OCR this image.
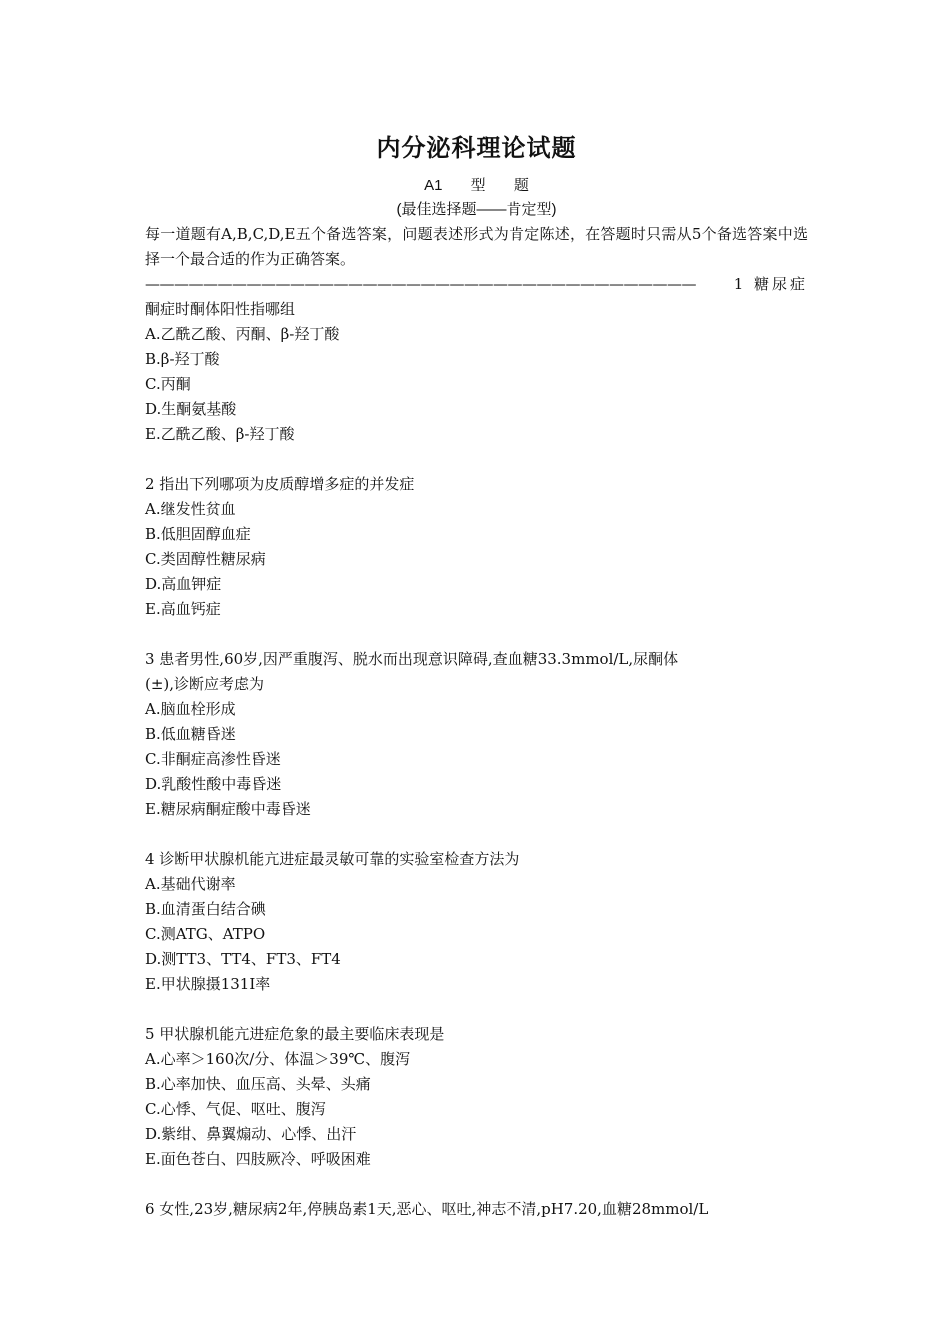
内分泌科理论试题
A1 型 题
(最佳选择题——肯定型)
每一道题有A,B,C,D,E五个备选答案，问题表述形式为肯定陈述，在答题时只需从5个备选答案中选择一个最合适的作为正确答案。
——————————————————————————————————————	1 糖尿症
酮症时酮体阳性指哪组
A.乙酰乙酸、丙酮、β-羟丁酸
B.β-羟丁酸
C.丙酮
D.生酮氨基酸
E.乙酰乙酸、β-羟丁酸
2 指出下列哪项为皮质醇增多症的并发症
A.继发性贫血
B.低胆固醇血症
C.类固醇性糖尿病
D.高血钾症
E.高血钙症
3 患者男性,60岁,因严重腹泻、脱水而出现意识障碍,查血糖33.3mmol/L,尿酮体
(±),诊断应考虑为
A.脑血栓形成
B.低血糖昏迷
C.非酮症高渗性昏迷
D.乳酸性酸中毒昏迷
E.糖尿病酮症酸中毒昏迷
4 诊断甲状腺机能亢进症最灵敏可靠的实验室检查方法为
A.基础代谢率
B.血清蛋白结合碘
C.测ATG、ATPO
D.测TT3、TT4、FT3、FT4
E.甲状腺摄131I率
5 甲状腺机能亢进症危象的最主要临床表现是
A.心率＞160次/分、体温＞39℃、腹泻
B.心率加快、血压高、头晕、头痛
C.心悸、气促、呕吐、腹泻
D.紫绀、鼻翼煽动、心悸、出汗
E.面色苍白、四肢厥冷、呼吸困难
6 女性,23岁,糖尿病2年,停胰岛素1天,恶心、呕吐,神志不清,pH7.20,血糖28mmol/L
